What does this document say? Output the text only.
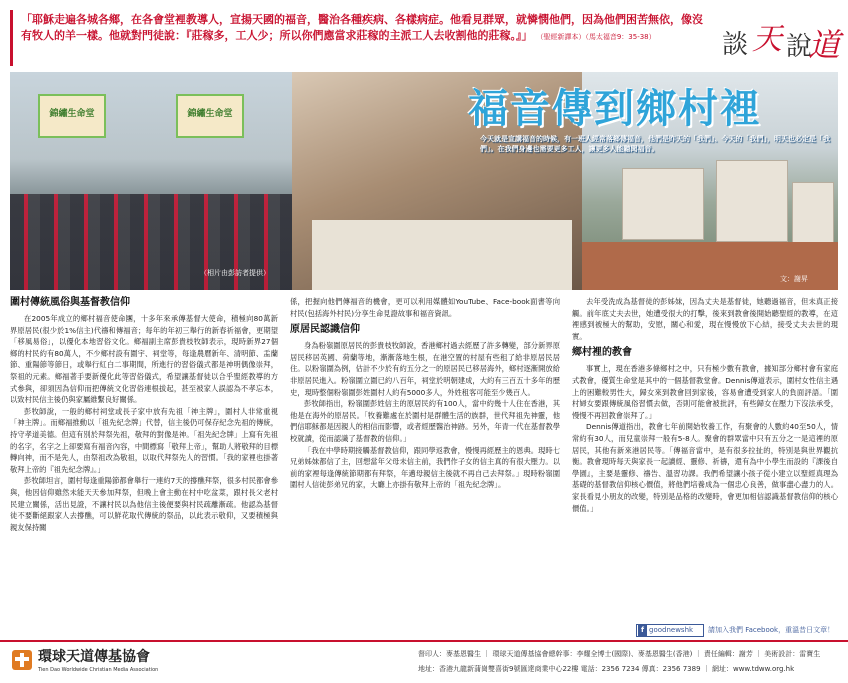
「耶穌走遍各城各鄉，在各會堂裡教導人，宣揚天國的福音，醫治各種疾病、各樣病症。他看見群眾，就憐憫他們，因為他們困苦無依，像沒有牧人的羊一樣。他就對門徒說：『莊稼多，工人少；所以你們應當求莊稼的主派工人去收割他的莊稼。』」 （聖經新譯本）（馬太福音9：35-38）	談 天 說
道
錦繡生命堂	錦繡生命堂	福音傳到鄉村裡
今天就是宣講福音的時候，有一班人經常落鄉傳福音，他們是昨天的「我們」、今天的「我們」，明天也必定是「我們」。在我們身邊也需要更多工人，讓更多人能聽聞福音。
（相片由彭訪者提供）
文：謝昇
圍村傳統風俗與基督教信仰

在2005年成立的鄉村福音使命團，十多年來承傳基督大使命，積極向80萬新界原居民(很少於1%信主)代禱和傳福音；每年的年初三舉行的新春祈福會，更期望「移風易俗」，以優化本地習俗文化。鄉福副主席彭貴枝牧師表示，現時新界27個鄉的村民約有80萬人，不少鄉村設有圍宇、祠堂等，每逢農曆新年、清明節、盂蘭節、重陽節等節日，或舉行紅白二事期間，所進行的習俗儀式都是神明偶像崇拜，祭祖的元素。鄉福著手要新優化此等習俗儀式，希望讓基督徒以合乎聖經教導的方式參與，卻須因為信仰而把傳統文化習俗連根拔起，甚至被家人誤認為不孝忘本，以致村民信主後仍與家屬維繫良好關係。

彭牧師說，一般的鄉村祠堂或長子家中放有先祖「神主牌」，圍村人非常重視「神主牌」。而鄉福推動以「祖先紀念牌」代替，信主後仍可保存紀念先祖的傳統，持守孝道美德。但這有別於拜祭先祖，敬拜的對像是神。「祖先紀念牌」上寫有先祖的名字，名字之上卻要寫有福音內容，中間標寫「敬拜上帝」，幫助人將敬拜的目標轉向神，而不是先人，由祭祖改為敬祖，以取代拜祭先人的習慣。「我的家裡也掛著敬拜上帝的『祖先紀念牌』。」

彭牧師坦言，圍村每逢重陽節都會舉行一連約7天的撐醮拜祭，很多村民都會參與，他因信仰雖然未能天天參加拜祭，但晚上會主動在村中吃盆菜，跟村長父老村民建立關係，活出見證，不讓村民以為他信主後便要與村民疏離漸疏。他認為基督徒不要斷絕跟家人去撐醮，可以鮮花取代傳統的祭品，以此表示敬仰，又要積極與親友保持關

係，把握向他們傳福音的機會，更可以利用媒體如YouTube、Face-book面書等向村民(包括海外村民)分享生命見證故事和福音資訊。

原居民認識信仰

身為粉嶺圍原居民的彭貴枝牧師說，香港鄉村過去經歷了許多轉變，部分新界原居民移居英國、荷蘭等地，漸漸落地生根，在港空置的村屋有些租了給非原居民居住。以粉嶺圍為例，估計不少於有約五分之一的原居民已移居海外，鄉村逐漸開放給非原居民進入。粉嶺圍立圍已約八百年，祠堂於明朝建成，大約有三百五十多年的歷史，現時整個粉嶺圍彭姓圍村人約有5000多人，外姓租客可能至少幾百人。

彭牧師指出，粉嶺圍彭姓信主的原居民約有100人，當中約幾十人住在香港，其他是在海外的原居民。「牧養難處在於圍村是群體生活的族群，世代拜祖先神靈，他們信耶穌都是因親人的相信而影響，或者經歷醫治神跡。另外，年青一代在基督教學校就讀，從而認識了基督教的信仰。」

「我在中學時期接觸基督教信仰，跟同學返教會，慢慢再經歷主的恩典。現時七兄弟姊妹都信了主，回想當年父母未信主前，我們作子女的信主真的有很大壓力。以前的家裡每逢傳統節期都有拜祭，年邁母親信主後就不再自己去拜祭。」現時粉嶺圍圍村人信徒彭弟兄的家，大廳上亦掛有敬拜上帝的「祖先紀念牌」。

去年受洗成為基督徒的彭姊妹，因為丈夫是基督徒，她聽過福音，但未真正接觸。前年底丈夫去世，她遭受很大的打擊，後來到教會後開始聽聖經的教導，在這裡感到被極大的幫助，安慰，關心和愛，現在慢慢放下心結，接受丈夫去世的現實。

鄉村裡的教會

事實上，現在香港多條鄉村之中，只有極少數有教會，據知部分鄉村會有家庭式教會，優質生命堂是其中的一個基督教堂會。Dennis傳道表示，圍村女性信主遇上的困難較男性大，歸女來到教會回到家後，容易會遭受到家人的負面評語。「圍村婦女要跟傳統風俗習慣去做，否則可能會被批評，有些歸女在壓力下沒法承受，慢慢不再回教會崇拜了。」

Dennis傳道指出，教會七年前開始牧養工作，有聚會的人數約40至50人，情常約有30人，而兒童崇拜一般有5-8人。聚會的群眾當中只有五分之一是這裡的原居民，其他有新來港居民等。「傳福音當中，是有很多拉扯的，特別是與世界觀抗衡。教會現時每天與家長一起讀經、靈修、祈禱，還有為中小學生而設的『課後自學園』，主要是靈修、禱告、溫習功課。我們希望讓小孩子從小建立以聖經真理為基礎的基督教信仰核心價值，將他們培養成為一個忠心良善，做事盡心盡力的人。家長看見小朋友的改變，特別是品格的改變時，會更加相信認識基督教信仰的核心價值。」

f goodnewshk	請加入我們 Facebook，重溫昔日文章！
環球天道傳基協會
Tien Dao Worldwide Christian Media Association
督印人：麥基恩醫生 ｜ 環球天道傳基協會總幹事：李耀全博士(國際)、麥基恩醫生(香港) ｜ 責任編輯：謝芳 ｜ 美術設計：雷寶生
地址：香港九龍新蒲崗雙喜街9號匯達商業中心22樓 電話：2356 7234 傳真：2356 7389 ｜ 網址：www.tdww.org.hk
